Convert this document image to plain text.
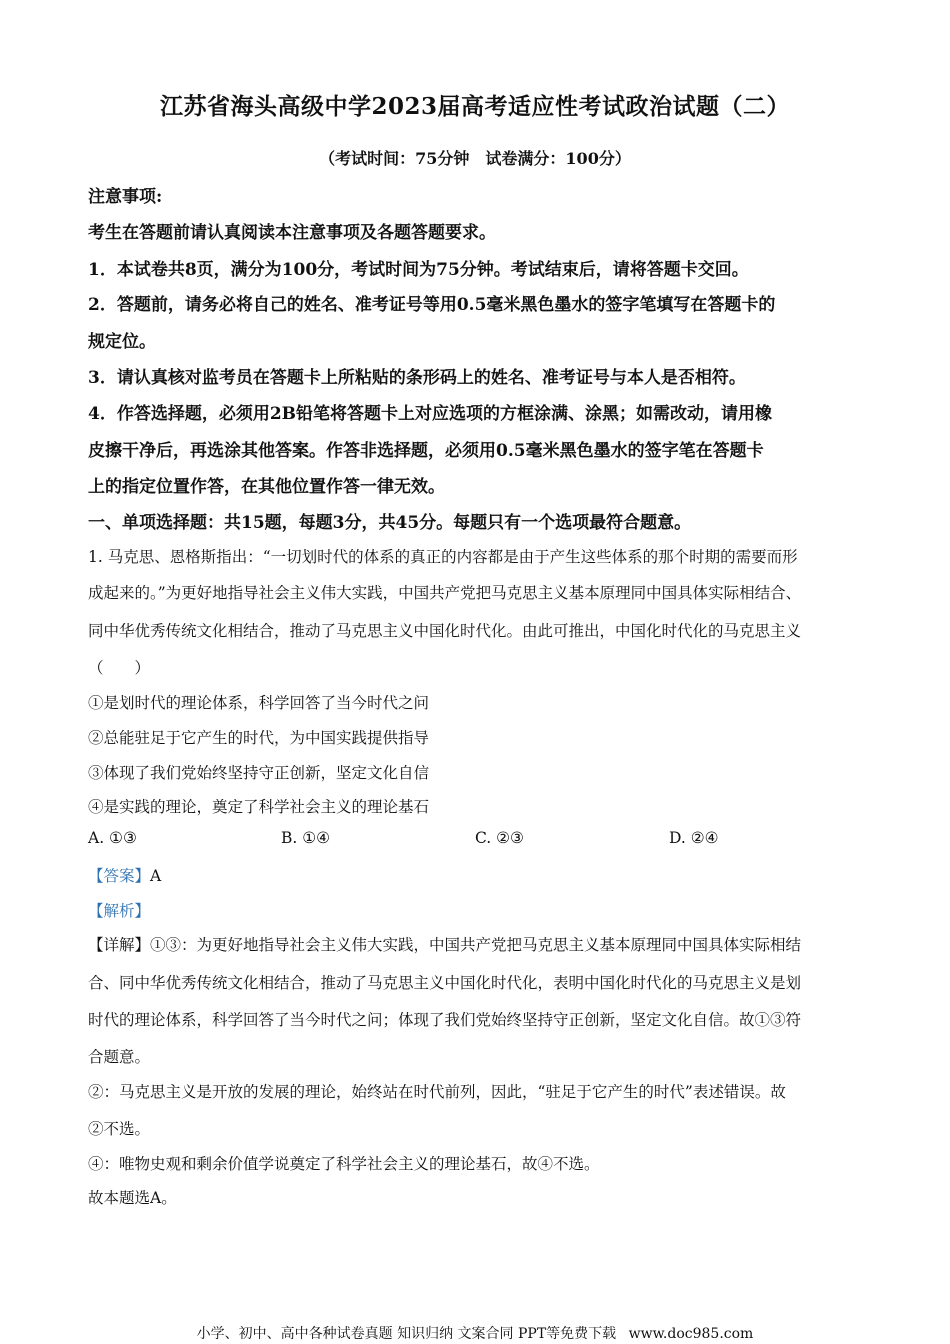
江苏省海头高级中学2023届高考适应性考试政治试题（二）
（考试时间：75分钟　试卷满分：100分）
注意事项:
考生在答题前请认真阅读本注意事项及各题答题要求。
1．本试卷共8页，满分为100分，考试时间为75分钟。考试结束后，请将答题卡交回。
2．答题前，请务必将自己的姓名、准考证号等用0.5毫米黑色墨水的签字笔填写在答题卡的
规定位。
3．请认真核对监考员在答题卡上所粘贴的条形码上的姓名、准考证号与本人是否相符。
4．作答选择题，必须用2B铅笔将答题卡上对应选项的方框涂满、涂黑；如需改动，请用橡
皮擦干净后，再选涂其他答案。作答非选择题，必须用0.5毫米黑色墨水的签字笔在答题卡
上的指定位置作答，在其他位置作答一律无效。
一、单项选择题：共15题，每题3分，共45分。每题只有一个选项最符合题意。
1. 马克思、恩格斯指出：“一切划时代的体系的真正的内容都是由于产生这些体系的那个时期的需要而形
成起来的。”为更好地指导社会主义伟大实践，中国共产党把马克思主义基本原理同中国具体实际相结合、
同中华优秀传统文化相结合，推动了马克思主义中国化时代化。由此可推出，中国化时代化的马克思主义
（　　）
①是划时代的理论体系，科学回答了当今时代之问
②总能驻足于它产生的时代，为中国实践提供指导
③体现了我们党始终坚持守正创新，坚定文化自信
④是实践的理论，奠定了科学社会主义的理论基石
A. ①③	B. ①④	C. ②③	D. ②④
【答案】A
【解析】
【详解】①③：为更好地指导社会主义伟大实践，中国共产党把马克思主义基本原理同中国具体实际相结
合、同中华优秀传统文化相结合，推动了马克思主义中国化时代化，表明中国化时代化的马克思主义是划
时代的理论体系，科学回答了当今时代之问；体现了我们党始终坚持守正创新，坚定文化自信。故①③符
合题意。
②：马克思主义是开放的发展的理论，始终站在时代前列，因此，“驻足于它产生的时代”表述错误。故
②不选。
④：唯物史观和剩余价值学说奠定了科学社会主义的理论基石，故④不选。
故本题选A。
小学、初中、高中各种试卷真题 知识归纳 文案合同 PPT等免费下载 www.doc985.com
